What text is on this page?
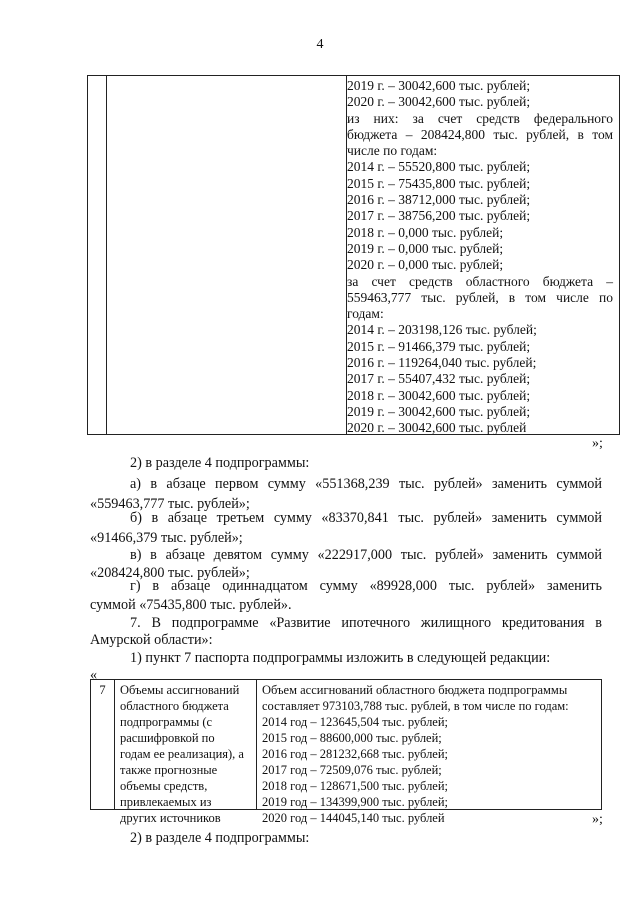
4
2019 г. – 30042,600 тыс. рублей;
2020 г. – 30042,600 тыс. рублей;
из них: за счет средств федерального
бюджета – 208424,800 тыс. рублей, в том
числе по годам:
2014 г. – 55520,800 тыс. рублей;
2015 г. – 75435,800 тыс. рублей;
2016 г. – 38712,000 тыс. рублей;
2017 г. – 38756,200 тыс. рублей;
2018 г. – 0,000 тыс. рублей;
2019 г. – 0,000 тыс. рублей;
2020 г. – 0,000 тыс. рублей;
за счет средств областного бюджета –
559463,777 тыс. рублей, в том числе по
годам:
2014 г. – 203198,126 тыс. рублей;
2015 г. – 91466,379 тыс. рублей;
2016 г. – 119264,040 тыс. рублей;
2017 г. – 55407,432 тыс. рублей;
2018 г. – 30042,600 тыс. рублей;
2019 г. – 30042,600 тыс. рублей;
2020 г. – 30042,600 тыс. рублей
»;
2) в разделе 4 подпрограммы:
а) в абзаце первом сумму «551368,239 тыс. рублей» заменить суммой
«559463,777 тыс. рублей»;
б) в абзаце третьем сумму «83370,841 тыс. рублей» заменить суммой
«91466,379 тыс. рублей»;
в) в абзаце девятом сумму «222917,000 тыс. рублей» заменить суммой
«208424,800 тыс. рублей»;
г) в абзаце одиннадцатом сумму «89928,000 тыс. рублей» заменить
суммой «75435,800 тыс. рублей».
7. В подпрограмме «Развитие ипотечного жилищного кредитования в
Амурской области»:
1) пункт 7 паспорта подпрограммы изложить в следующей редакции:
«
7	Объемы ассигнований
областного бюджета
подпрограммы (с
расшифровкой по
годам ее реализация), а
также прогнозные
объемы средств,
привлекаемых из
других источников
Объем ассигнований областного бюджета подпрограммы
составляет 973103,788 тыс. рублей, в том числе по годам:
2014 год – 123645,504 тыс. рублей;
2015 год – 88600,000 тыс. рублей;
2016 год – 281232,668 тыс. рублей;
2017 год – 72509,076 тыс. рублей;
2018 год – 128671,500 тыс. рублей;
2019 год – 134399,900 тыс. рублей;
2020 год – 144045,140 тыс. рублей	»;
2) в разделе 4 подпрограммы:
